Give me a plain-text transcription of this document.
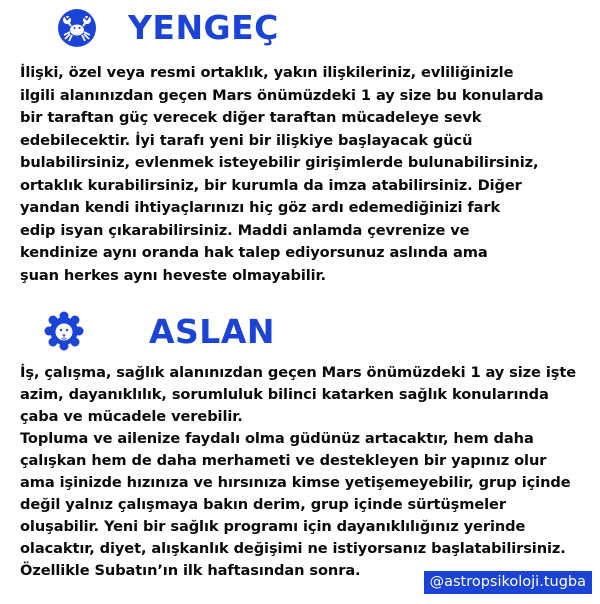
YENGEÇ
İlişki, özel veya resmi ortaklık, yakın ilişkileriniz, evliliğinizle
ilgili alanınızdan geçen Mars önümüzdeki 1 ay size bu konularda
bir taraftan güç verecek diğer taraftan mücadeleye sevk
edebilecektir. İyi tarafı yeni bir ilişkiye başlayacak gücü
bulabilirsiniz, evlenmek isteyebilir girişimlerde bulunabilirsiniz,
ortaklık kurabilirsiniz, bir kurumla da imza atabilirsiniz. Diğer
yandan kendi ihtiyaçlarınızı hiç göz ardı edemediğinizi fark
edip isyan çıkarabilirsiniz. Maddi anlamda çevrenize ve
kendinize aynı oranda hak talep ediyorsunuz aslında ama
şuan herkes aynı heveste olmayabilir.
ASLAN
İş, çalışma, sağlık alanınızdan geçen Mars önümüzdeki 1 ay size işte
azim, dayanıklılık, sorumluluk bilinci katarken sağlık konularında
çaba ve mücadele verebilir.
Topluma ve ailenize faydalı olma güdünüz artacaktır, hem daha
çalışkan hem de daha merhameti ve destekleyen bir yapınız olur
ama işinizde hızınıza ve hırsınıza kimse yetişemeyebilir, grup içinde
değil yalnız çalışmaya bakın derim, grup içinde sürtüşmeler
oluşabilir. Yeni bir sağlık programı için dayanıklılığınız yerinde
olacaktır, diyet, alışkanlık değişimi ne istiyorsanız başlatabilirsiniz.
Özellikle Subatın’ın ilk haftasından sonra.
@astropsikoloji.tugba
